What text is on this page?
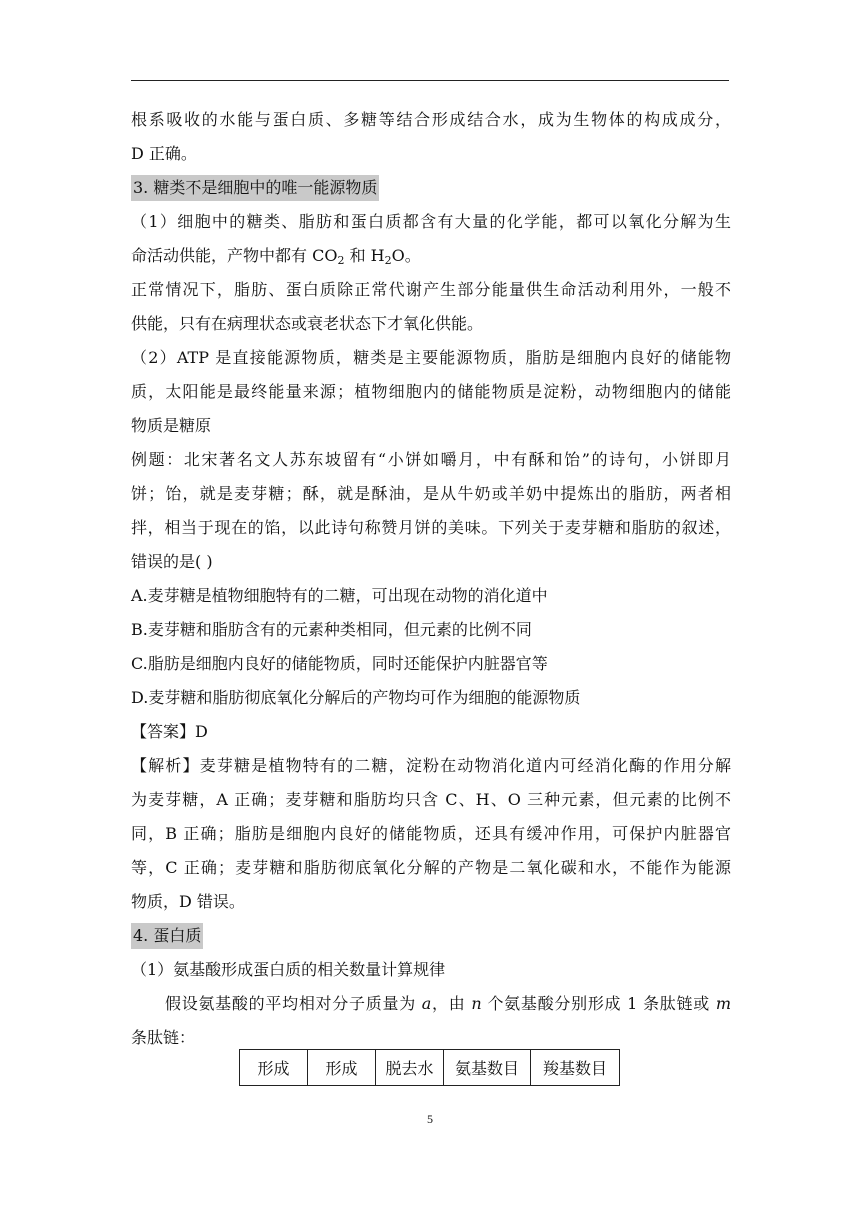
根系吸收的水能与蛋白质、多糖等结合形成结合水，成为生物体的构成成分，
D 正确。
3. 糖类不是细胞中的唯一能源物质
（1）细胞中的糖类、脂肪和蛋白质都含有大量的化学能，都可以氧化分解为生
命活动供能，产物中都有 $CO_2$ 和 $H_2O$。
正常情况下，脂肪、蛋白质除正常代谢产生部分能量供生命活动利用外，一般不
供能，只有在病理状态或衰老状态下才氧化供能。
（2）ATP 是直接能源物质，糖类是主要能源物质，脂肪是细胞内良好的储能物
质，太阳能是最终能量来源；植物细胞内的储能物质是淀粉，动物细胞内的储能
物质是糖原
例题：北宋著名文人苏东坡留有“小饼如嚼月，中有酥和饴”的诗句，小饼即月
饼；饴，就是麦芽糖；酥，就是酥油，是从牛奶或羊奶中提炼出的脂肪，两者相
拌，相当于现在的馅，以此诗句称赞月饼的美味。下列关于麦芽糖和脂肪的叙述，
错误的是( )
A.麦芽糖是植物细胞特有的二糖，可出现在动物的消化道中
B.麦芽糖和脂肪含有的元素种类相同，但元素的比例不同
C.脂肪是细胞内良好的储能物质，同时还能保护内脏器官等
D.麦芽糖和脂肪彻底氧化分解后的产物均可作为细胞的能源物质
【答案】D
【解析】麦芽糖是植物特有的二糖，淀粉在动物消化道内可经消化酶的作用分解
为麦芽糖，A 正确；麦芽糖和脂肪均只含 C、H、O 三种元素，但元素的比例不
同，B 正确；脂肪是细胞内良好的储能物质，还具有缓冲作用，可保护内脏器官
等，C 正确；麦芽糖和脂肪彻底氧化分解的产物是二氧化碳和水，不能作为能源
物质，D 错误。
4. 蛋白质
（1）氨基酸形成蛋白质的相关数量计算规律
假设氨基酸的平均相对分子质量为 a，由 n 个氨基酸分别形成 1 条肽链或 m
条肽链：
形成	形成	脱去水	氨基数目	羧基数目
5
